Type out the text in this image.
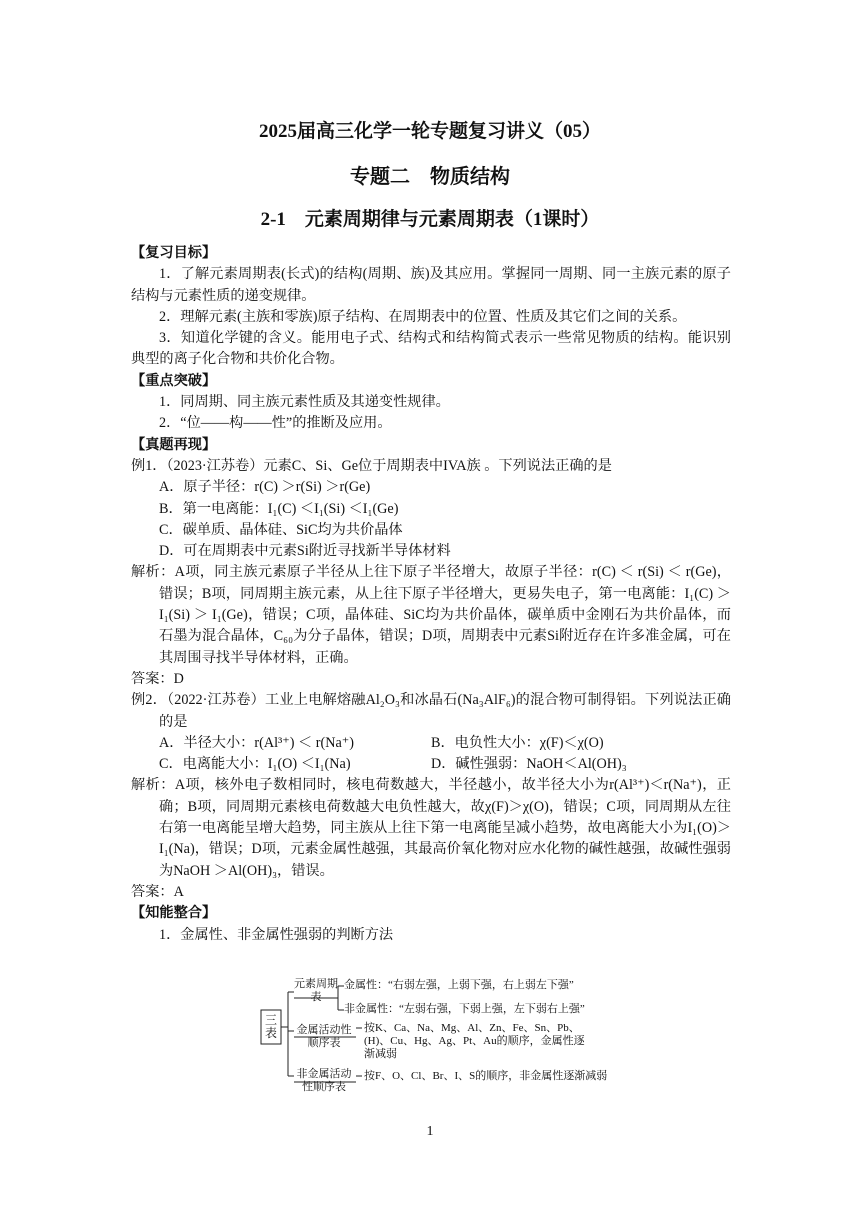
2025届高三化学一轮专题复习讲义（05）
专题二　物质结构
2-1　元素周期律与元素周期表（1课时）

【复习目标】

1．了解元素周期表(长式)的结构(周期、族)及其应用。掌握同一周期、同一主族元素的原子结构与元素性质的递变规律。

2．理解元素(主族和零族)原子结构、在周期表中的位置、性质及其它们之间的关系。

3．知道化学键的含义。能用电子式、结构式和结构简式表示一些常见物质的结构。能识别典型的离子化合物和共价化合物。

【重点突破】

1．同周期、同主族元素性质及其递变性规律。

2．“位——构——性”的推断及应用。

【真题再现】

例1．（2023·江苏卷）元素C、Si、Ge位于周期表中IVA族 。下列说法正确的是

A．原子半径：r(C) ＞r(Si) ＞r(Ge)

B．第一电离能：I₁(C) ＜I₁(Si) ＜I₁(Ge)

C．碳单质、晶体硅、SiC均为共价晶体

D．可在周期表中元素Si附近寻找新半导体材料

解析：A项，同主族元素原子半径从上往下原子半径增大，故原子半径：r(C) ＜ r(Si) ＜ r(Ge)，错误；B项，同周期主族元素，从上往下原子半径增大，更易失电子，第一电离能：I₁(C) ＞ I₁(Si) ＞ I₁(Ge)，错误；C项，晶体硅、SiC均为共价晶体，碳单质中金刚石为共价晶体，而石墨为混合晶体，C₆₀为分子晶体，错误；D项，周期表中元素Si附近存在许多准金属，可在其周围寻找半导体材料，正确。

答案：D

例2．（2022·江苏卷）工业上电解熔融Al₂O₃和冰晶石(Na₃AlF₆)的混合物可制得铝。下列说法正确的是

A．半径大小：r(Al³⁺) ＜ r(Na⁺)	B．电负性大小：χ(F)＜χ(O)
C．电离能大小：I₁(O) ＜I₁(Na)	D．碱性强弱：NaOH＜Al(OH)₃

解析：A项，核外电子数相同时，核电荷数越大，半径越小，故半径大小为r(Al³⁺)＜r(Na⁺)，正确；B项，同周期元素核电荷数越大电负性越大，故χ(F)＞χ(O)，错误；C项，同周期从左往右第一电离能呈增大趋势，同主族从上往下第一电离能呈减小趋势，故电离能大小为I₁(O)＞I₁(Na)，错误；D项，元素金属性越强，其最高价氧化物对应水化物的碱性越强，故碱性强弱为NaOH ＞Al(OH)₃，错误。

答案：A

【知能整合】

1．金属性、非金属性强弱的判断方法

三表
元素周期表
金属性：“右弱左强，上弱下强，右上弱左下强”
非金属性：“左弱右强，下弱上强，左下弱右上强”
金属活动性顺序表
按K、Ca、Na、Mg、Al、Zn、Fe、Sn、Pb、(H)、Cu、Hg、Ag、Pt、Au的顺序，金属性逐渐减弱
非金属活动性顺序表
按F、O、Cl、Br、I、S的顺序，非金属性逐渐减弱
1
